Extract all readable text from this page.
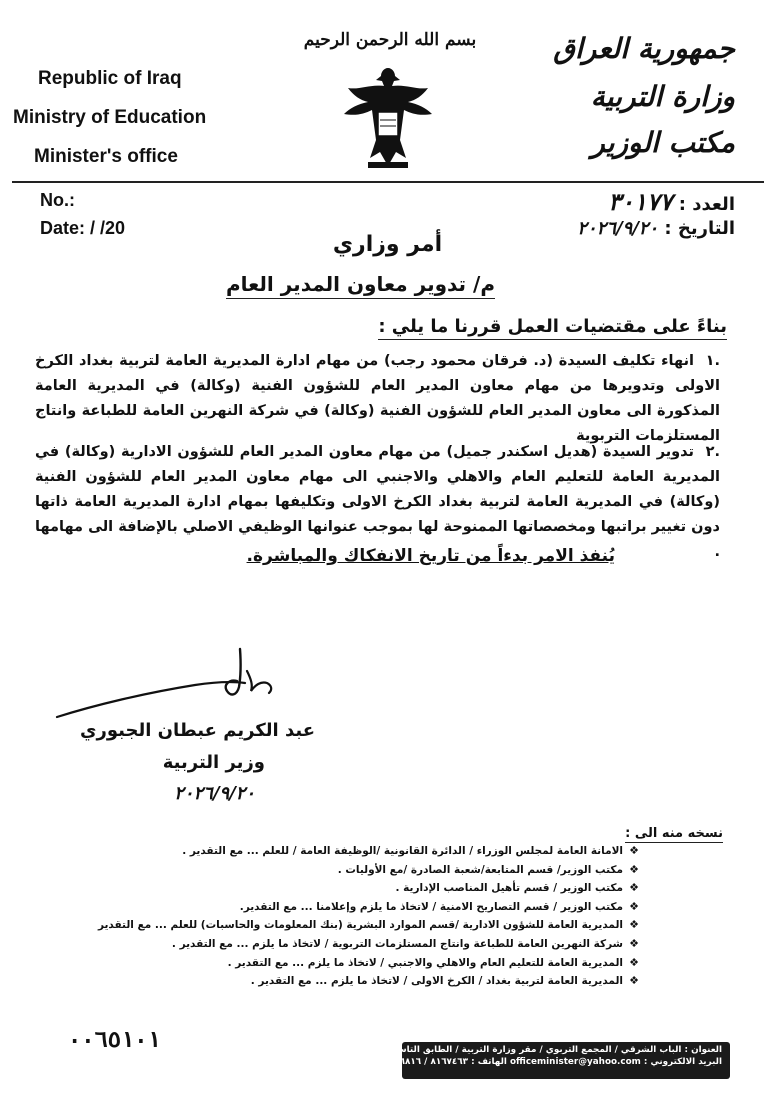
Republic of Iraq
Ministry of Education
Minister's office
جمهورية العراق
وزارة التربية
مكتب الوزير
بسم الله الرحمن الرحيم
No.:
Date: / /20
العدد : ٣٠١٧٧
التاريخ : ٢٠٢٦/٩/٢٠
أمر وزاري
م/ تدوير معاون المدير العام
بناءً على مقتضيات العمل قررنا ما يلي :
.١انهاء تكليف السيدة (د. فرقان محمود رجب) من مهام ادارة المديرية العامة لتربية بغداد الكرخ الاولى وتدويرها من مهام معاون المدير العام للشؤون الفنية (وكالة) في المديرية العامة المذكورة الى معاون المدير العام للشؤون الفنية (وكالة) في شركة النهرين العامة للطباعة وانتاج المستلزمات التربوية
.٢تدوير السيدة (هديل اسكندر جميل) من مهام معاون المدير العام للشؤون الادارية (وكالة) في المديرية العامة للتعليم العام والاهلي والاجنبي الى مهام معاون المدير العام للشؤون الفنية (وكالة) في المديرية العامة لتربية بغداد الكرخ الاولى وتكليفها بمهام ادارة المديرية العامة ذاتها دون تغيير براتبها ومخصصاتها الممنوحة لها بموجب عنوانها الوظيفي الاصلي بالإضافة الى مهامها .
يُنفذ الامر بدءاً من تاريخ الانفكاك والمباشرة.
عبد الكريم عبطان الجبوري
وزير التربية
٢٠٢٦/٩/٢٠
نسخه منه الى :
❖الامانة العامة لمجلس الوزراء / الدائرة القانونية /الوظيفة العامة / للعلم ... مع التقدير .
❖مكتب الوزير/ قسم المتابعة/شعبة الصادرة /مع الأوليات .
❖مكتب الوزير / قسم تأهيل المناصب الإدارية .
❖مكتب الوزير / قسم التصاريح الامنية / لاتخاذ ما يلزم وإعلامنا ... مع التقدير.
❖المديرية العامة للشؤون الادارية /قسم الموارد البشرية (بنك المعلومات والحاسبات) للعلم ... مع التقدير
❖شركة النهرين العامة للطباعة وانتاج المستلزمات التربوية / لاتخاذ ما يلزم ... مع التقدير .
❖المديرية العامة للتعليم العام والاهلي والاجنبي / لاتخاذ ما يلزم ... مع التقدير .
❖المديرية العامة لتربية بغداد / الكرخ الاولى / لاتخاذ ما يلزم ... مع التقدير .
٠٠٦٥١٠١	العنوان : الباب الشرقي / المجمع التربوي / مقر وزارة التربية / الطابق التاسع
البريد الالكتروني : officeminister@yahoo.com الهاتف : ٨١٦٧٤٦٣ / ٨١٢٦٨١٦
